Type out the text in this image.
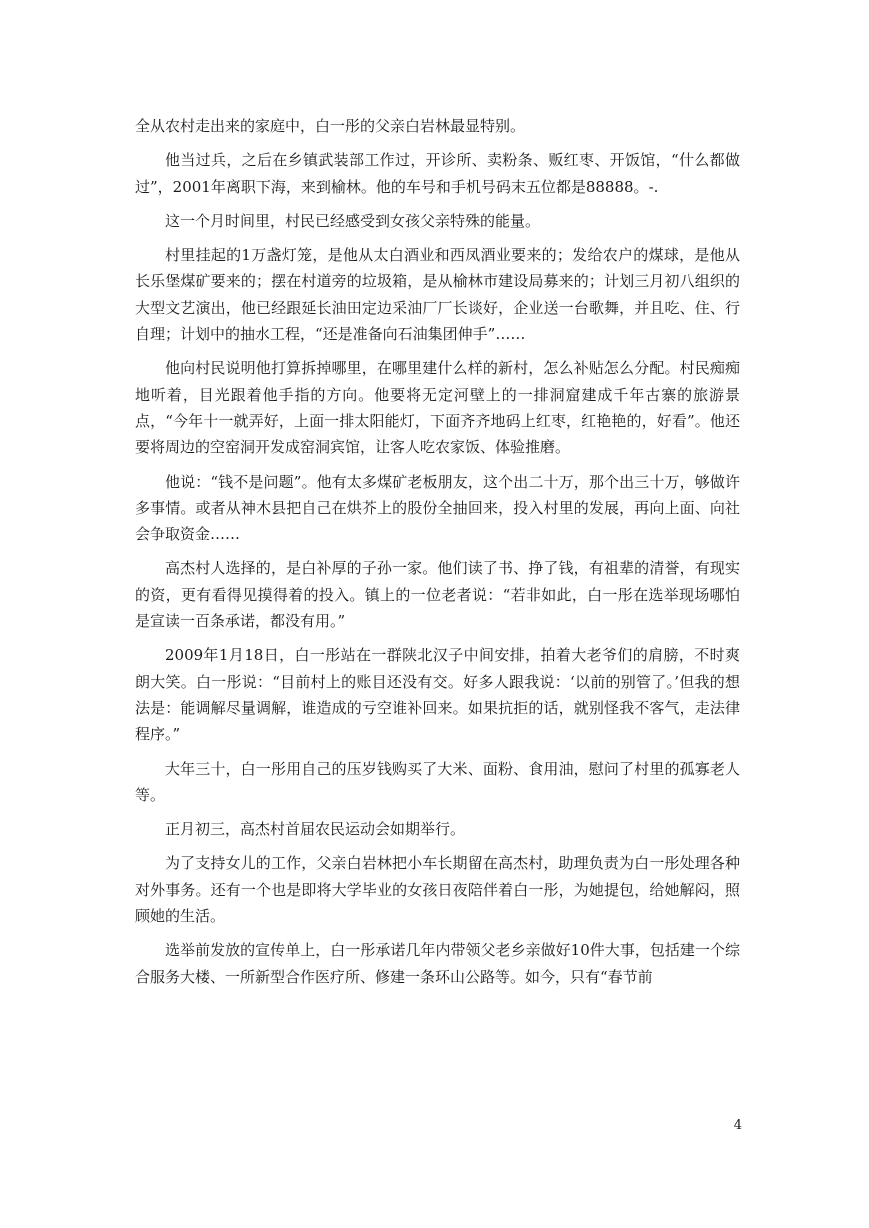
全从农村走出来的家庭中，白一彤的父亲白岩林最显特别。

他当过兵，之后在乡镇武装部工作过，开诊所、卖粉条、贩红枣、开饭馆，“什么都做过”，2001年离职下海，来到榆林。他的车号和手机号码末五位都是88888。-.

这一个月时间里，村民已经感受到女孩父亲特殊的能量。

村里挂起的1万盏灯笼，是他从太白酒业和西凤酒业要来的；发给农户的煤球，是他从长乐堡煤矿要来的；摆在村道旁的垃圾箱，是从榆林市建设局募来的；计划三月初八组织的大型文艺演出，他已经跟延长油田定边采油厂厂长谈好，企业送一台歌舞，并且吃、住、行自理；计划中的抽水工程，“还是准备向石油集团伸手”……

他向村民说明他打算拆掉哪里，在哪里建什么样的新村，怎么补贴怎么分配。村民痴痴地听着，目光跟着他手指的方向。他要将无定河壁上的一排洞窟建成千年古寨的旅游景点，“今年十一就弄好，上面一排太阳能灯，下面齐齐地码上红枣，红艳艳的，好看”。他还要将周边的空窑洞开发成窑洞宾馆，让客人吃农家饭、体验推磨。

他说：“钱不是问题”。他有太多煤矿老板朋友，这个出二十万，那个出三十万，够做许多事情。或者从神木县把自己在烘芥上的股份全抽回来，投入村里的发展，再向上面、向社会争取资金……

高杰村人选择的，是白补厚的子孙一家。他们读了书、挣了钱，有祖辈的清誉，有现实的资，更有看得见摸得着的投入。镇上的一位老者说：“若非如此，白一彤在选举现场哪怕是宣读一百条承诺，都没有用。”

2009年1月18日，白一彤站在一群陕北汉子中间安排，拍着大老爷们的肩膀，不时爽朗大笑。白一彤说：“目前村上的账目还没有交。好多人跟我说：‘以前的别管了。’但我的想法是：能调解尽量调解，谁造成的亏空谁补回来。如果抗拒的话，就别怪我不客气，走法律程序。”

大年三十，白一彤用自己的压岁钱购买了大米、面粉、食用油，慰问了村里的孤寡老人等。

正月初三，高杰村首届农民运动会如期举行。

为了支持女儿的工作，父亲白岩林把小车长期留在高杰村，助理负责为白一彤处理各种对外事务。还有一个也是即将大学毕业的女孩日夜陪伴着白一彤，为她提包，给她解闷，照顾她的生活。

选举前发放的宣传单上，白一彤承诺几年内带领父老乡亲做好10件大事，包括建一个综合服务大楼、一所新型合作医疗所、修建一条环山公路等。如今，只有“春节前

4
